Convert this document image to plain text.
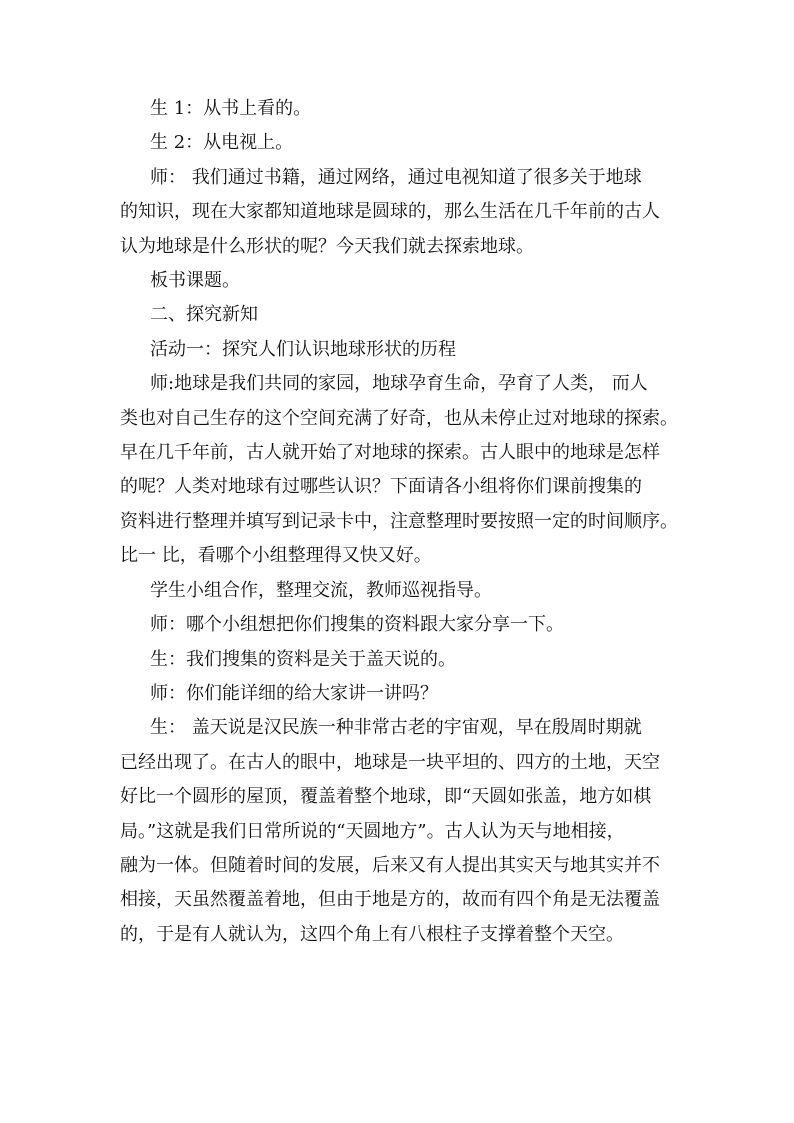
生 1：从书上看的。

生 2：从电视上。

师： 我们通过书籍，通过网络，通过电视知道了很多关于地球
的知识，现在大家都知道地球是圆球的，那么生活在几千年前的古人
认为地球是什么形状的呢？今天我们就去探索地球。

板书课题。

二、探究新知

活动一：探究人们认识地球形状的历程

师:地球是我们共同的家园，地球孕育生命，孕育了人类， 而人
类也对自己生存的这个空间充满了好奇，也从未停止过对地球的探索。
早在几千年前，古人就开始了对地球的探索。古人眼中的地球是怎样
的呢？人类对地球有过哪些认识？下面请各小组将你们课前搜集的
资料进行整理并填写到记录卡中，注意整理时要按照一定的时间顺序。
比一 比，看哪个小组整理得又快又好。

学生小组合作，整理交流，教师巡视指导。

师：哪个小组想把你们搜集的资料跟大家分享一下。

生：我们搜集的资料是关于盖天说的。

师：你们能详细的给大家讲一讲吗？

生： 盖天说是汉民族一种非常古老的宇宙观，早在殷周时期就
已经出现了。在古人的眼中，地球是一块平坦的、四方的土地，天空
好比一个圆形的屋顶，覆盖着整个地球，即“天圆如张盖，地方如棋
局。”这就是我们日常所说的“天圆地方”。古人认为天与地相接，
融为一体。但随着时间的发展，后来又有人提出其实天与地其实并不
相接，天虽然覆盖着地，但由于地是方的，故而有四个角是无法覆盖
的，于是有人就认为，这四个角上有八根柱子支撑着整个天空。
